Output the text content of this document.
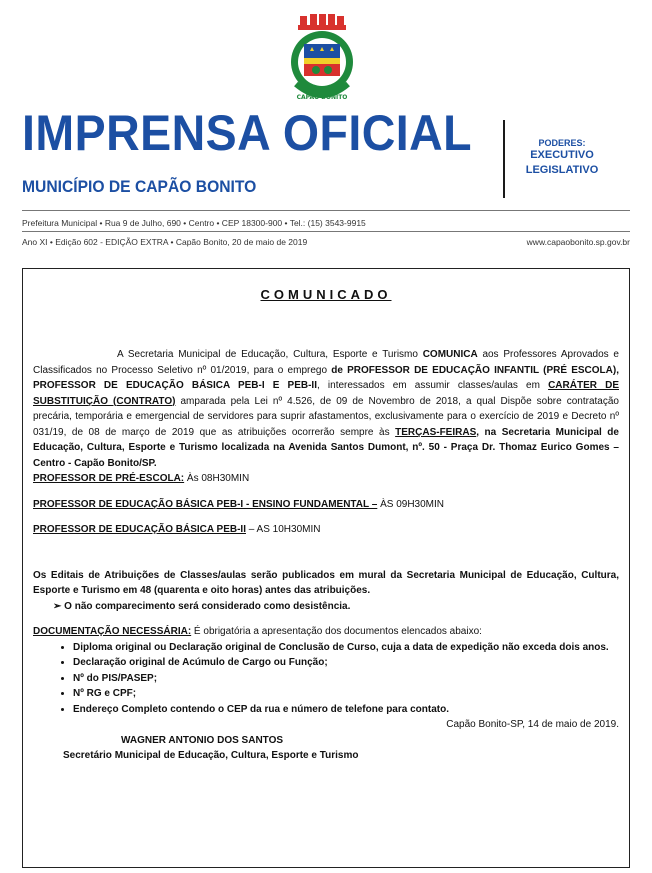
CAPÃO BONITO
IMPRENSA OFICIAL
MUNICÍPIO DE CAPÃO BONITO
PODERES:
EXECUTIVO
LEGISLATIVO
Prefeitura Municipal • Rua 9 de Julho, 690 • Centro • CEP 18300-900 • Tel.: (15) 3543-9915
Ano XI • Edição 602 - EDIÇÃO EXTRA • Capão Bonito, 20 de maio de 2019	www.capaobonito.sp.gov.br
COMUNICADO

A Secretaria Municipal de Educação, Cultura, Esporte e Turismo COMUNICA aos Professores Aprovados e Classificados no Processo Seletivo nº 01/2019, para o emprego de PROFESSOR DE EDUCAÇÃO INFANTIL (PRÉ ESCOLA), PROFESSOR DE EDUCAÇÃO BÁSICA PEB-I E PEB-II, interessados em assumir classes/aulas em CARÁTER DE SUBSTITUIÇÃO (CONTRATO) amparada pela Lei nº 4.526, de 09 de Novembro de 2018, a qual Dispõe sobre contratação precária, temporária e emergencial de servidores para suprir afastamentos, exclusivamente para o exercício de 2019 e Decreto nº 031/19, de 08 de março de 2019 que as atribuições ocorrerão sempre às TERÇAS-FEIRAS, na Secretaria Municipal de Educação, Cultura, Esporte e Turismo localizada na Avenida Santos Dumont, nº. 50 - Praça Dr. Thomaz Eurico Gomes – Centro - Capão Bonito/SP.

PROFESSOR DE PRÉ-ESCOLA: Às 08H30MIN

PROFESSOR DE EDUCAÇÃO BÁSICA PEB-I - ENSINO FUNDAMENTAL – ÀS 09H30MIN

PROFESSOR DE EDUCAÇÃO BÁSICA PEB-II – AS 10H30MIN

Os Editais de Atribuições de Classes/aulas serão publicados em mural da Secretaria Municipal de Educação, Cultura, Esporte e Turismo em 48 (quarenta e oito horas) antes das atribuições.

➢ O não comparecimento será considerado como desistência.

DOCUMENTAÇÃO NECESSÁRIA: É obrigatória a apresentação dos documentos elencados abaixo:

• Diploma original ou Declaração original de Conclusão de Curso, cuja a data de expedição não exceda dois anos.
• Declaração original de Acúmulo de Cargo ou Função;
• Nº do PIS/PASEP;
• Nº RG e CPF;
• Endereço Completo contendo o CEP da rua e número de telefone para contato.

Capão Bonito-SP, 14 de maio de 2019.

WAGNER ANTONIO DOS SANTOS

Secretário Municipal de Educação, Cultura, Esporte e Turismo
